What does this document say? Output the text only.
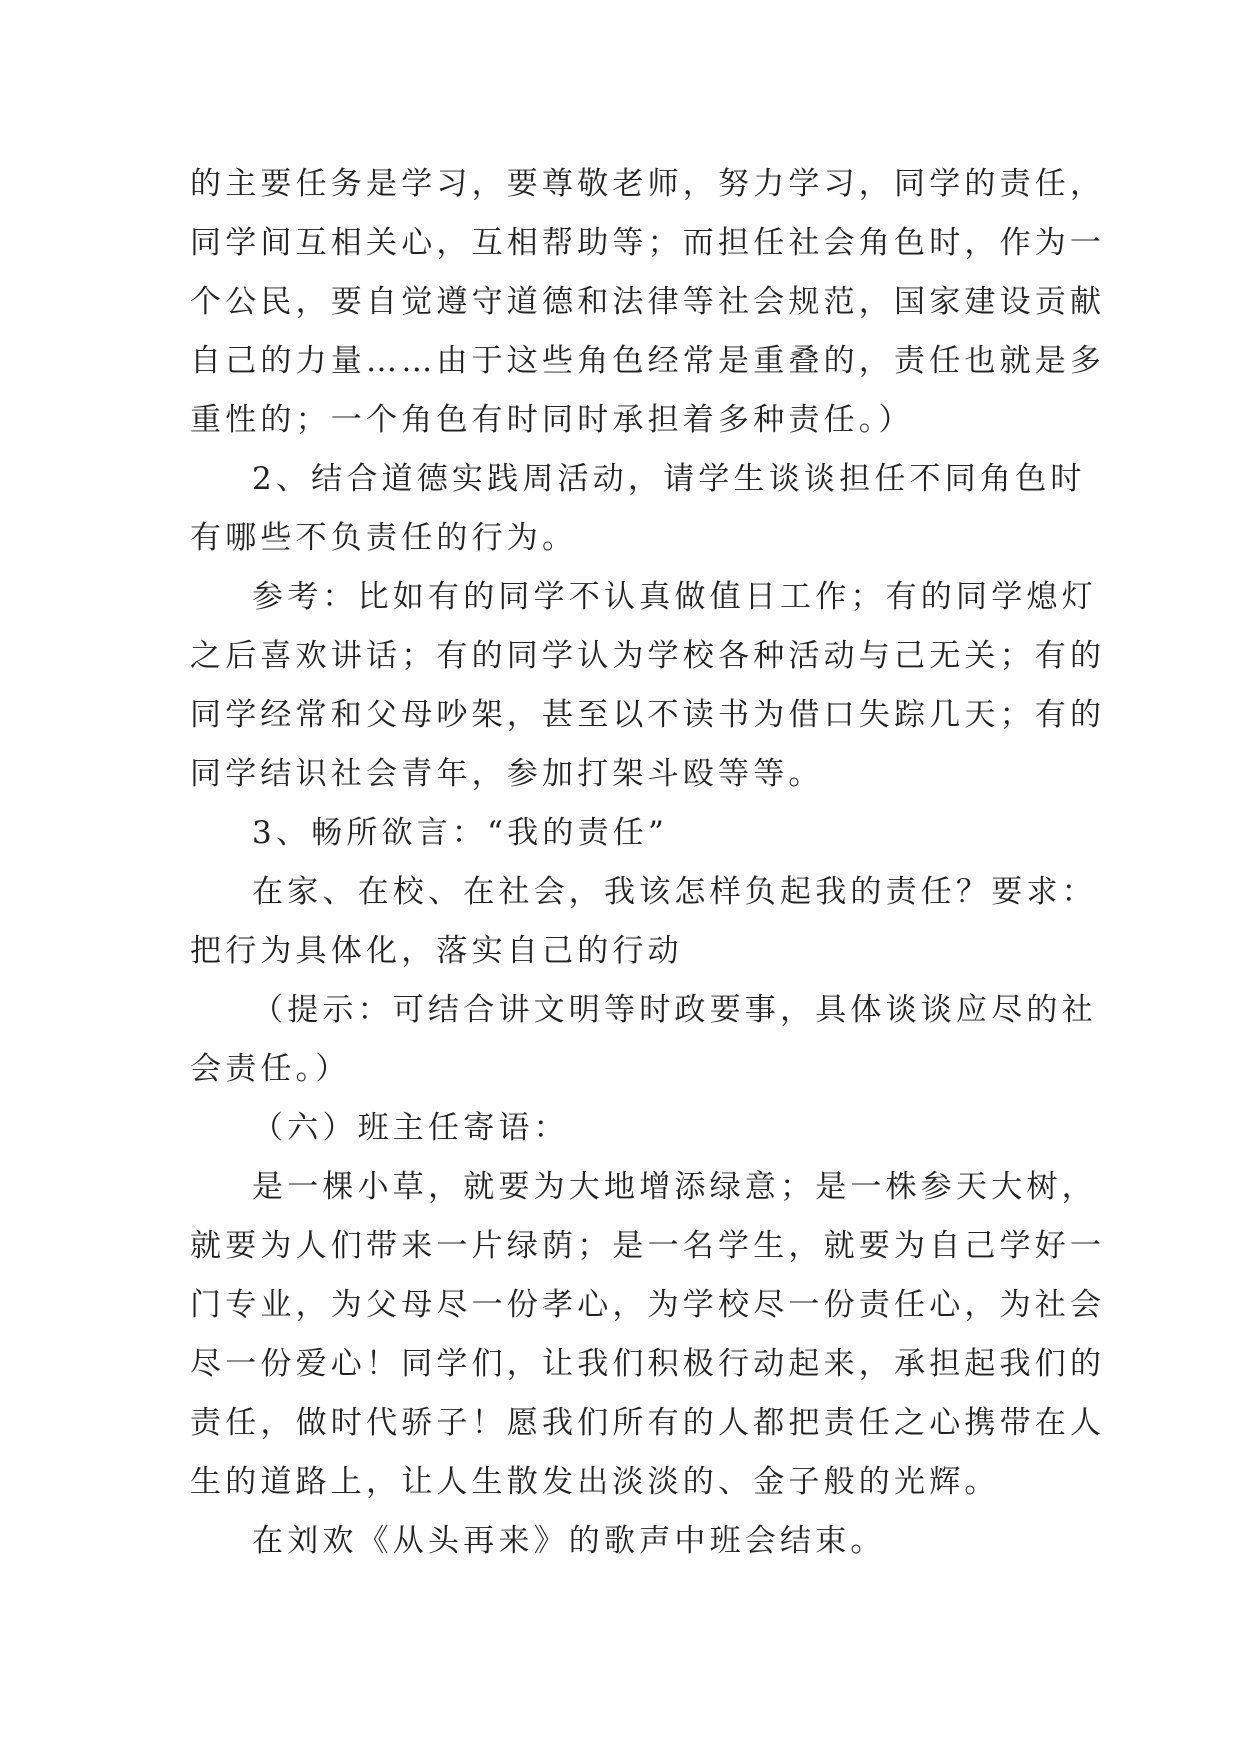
的主要任务是学习，要尊敬老师，努力学习，同学的责任，
同学间互相关心，互相帮助等；而担任社会角色时，作为一
个公民，要自觉遵守道德和法律等社会规范，国家建设贡献
自己的力量……由于这些角色经常是重叠的，责任也就是多
重性的；一个角色有时同时承担着多种责任。）
2、结合道德实践周活动，请学生谈谈担任不同角色时
有哪些不负责任的行为。
参考：比如有的同学不认真做值日工作；有的同学熄灯
之后喜欢讲话；有的同学认为学校各种活动与己无关；有的
同学经常和父母吵架，甚至以不读书为借口失踪几天；有的
同学结识社会青年，参加打架斗殴等等。
3、畅所欲言：“我的责任”
在家、在校、在社会，我该怎样负起我的责任？要求：
把行为具体化，落实自己的行动
（提示：可结合讲文明等时政要事，具体谈谈应尽的社
会责任。）
（六）班主任寄语：
是一棵小草，就要为大地增添绿意；是一株参天大树，
就要为人们带来一片绿荫；是一名学生，就要为自己学好一
门专业，为父母尽一份孝心，为学校尽一份责任心，为社会
尽一份爱心！同学们，让我们积极行动起来，承担起我们的
责任，做时代骄子！愿我们所有的人都把责任之心携带在人
生的道路上，让人生散发出淡淡的、金子般的光辉。
在刘欢《从头再来》的歌声中班会结束。
